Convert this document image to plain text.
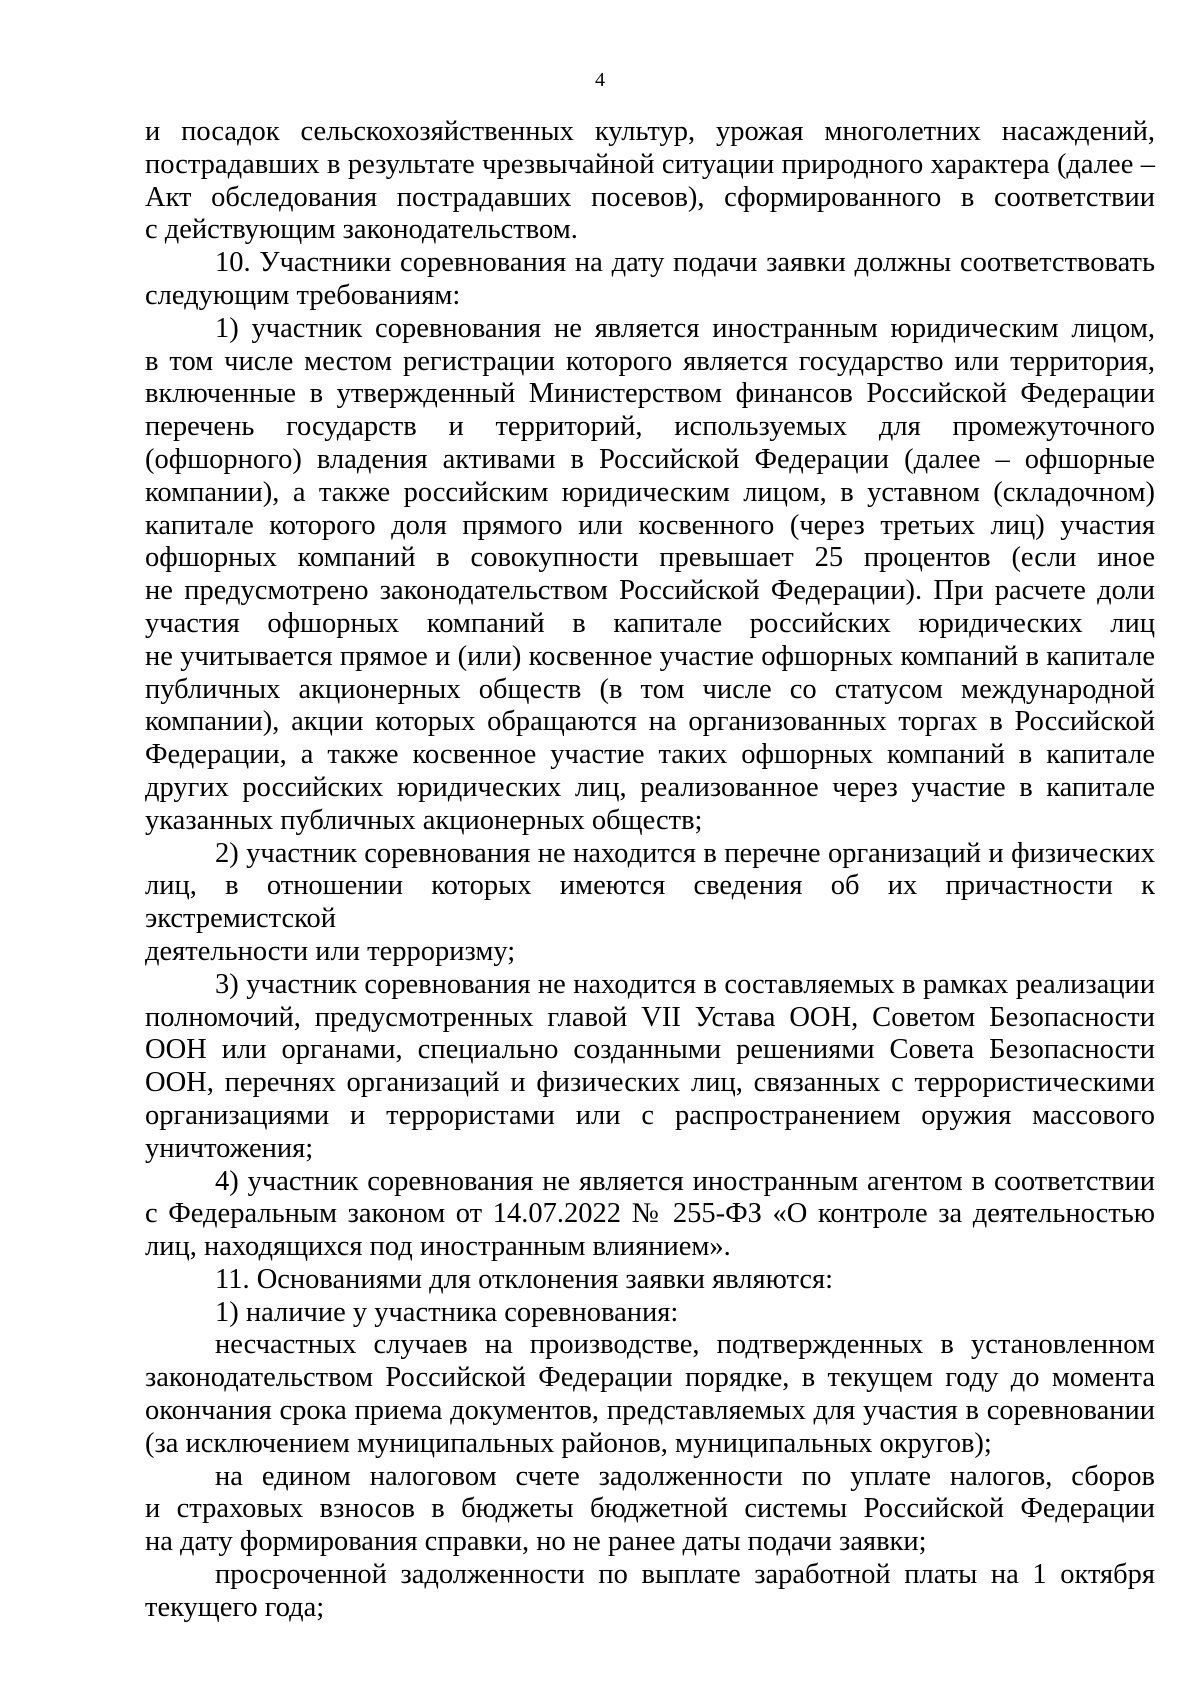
4

и посадок сельскохозяйственных культур, урожая многолетних насаждений,

пострадавших в результате чрезвычайной ситуации природного характера (далее –

Акт обследования пострадавших посевов), сформированного в соответствии

с действующим законодательством.

10. Участники соревнования на дату подачи заявки должны соответствовать

следующим требованиям:

1) участник соревнования не является иностранным юридическим лицом,

в том числе местом регистрации которого является государство или территория,

включенные в утвержденный Министерством финансов Российской Федерации

перечень государств и территорий, используемых для промежуточного

(офшорного) владения активами в Российской Федерации (далее – офшорные

компании), а также российским юридическим лицом, в уставном (складочном)

капитале которого доля прямого или косвенного (через третьих лиц) участия

офшорных компаний в совокупности превышает 25 процентов (если иное

не предусмотрено законодательством Российской Федерации). При расчете доли

участия офшорных компаний в капитале российских юридических лиц

не учитывается прямое и (или) косвенное участие офшорных компаний в капитале

публичных акционерных обществ (в том числе со статусом международной

компании), акции которых обращаются на организованных торгах в Российской

Федерации, а также косвенное участие таких офшорных компаний в капитале

других российских юридических лиц, реализованное через участие в капитале

указанных публичных акционерных обществ;

2) участник соревнования не находится в перечне организаций и физических

лиц, в отношении которых имеются сведения об их причастности к экстремистской

деятельности или терроризму;

3) участник соревнования не находится в составляемых в рамках реализации

полномочий, предусмотренных главой VII Устава ООН, Советом Безопасности

ООН или органами, специально созданными решениями Совета Безопасности

ООН, перечнях организаций и физических лиц, связанных с террористическими

организациями и террористами или с распространением оружия массового

уничтожения;

4) участник соревнования не является иностранным агентом в соответствии

с Федеральным законом от 14.07.2022 № 255-ФЗ «О контроле за деятельностью

лиц, находящихся под иностранным влиянием».

11. Основаниями для отклонения заявки являются:

1) наличие у участника соревнования:

несчастных случаев на производстве, подтвержденных в установленном

законодательством Российской Федерации порядке, в текущем году до момента

окончания срока приема документов, представляемых для участия в соревновании

(за исключением муниципальных районов, муниципальных округов);

на едином налоговом счете задолженности по уплате налогов, сборов

и страховых взносов в бюджеты бюджетной системы Российской Федерации

на дату формирования справки, но не ранее даты подачи заявки;

просроченной задолженности по выплате заработной платы на 1 октября

текущего года;
